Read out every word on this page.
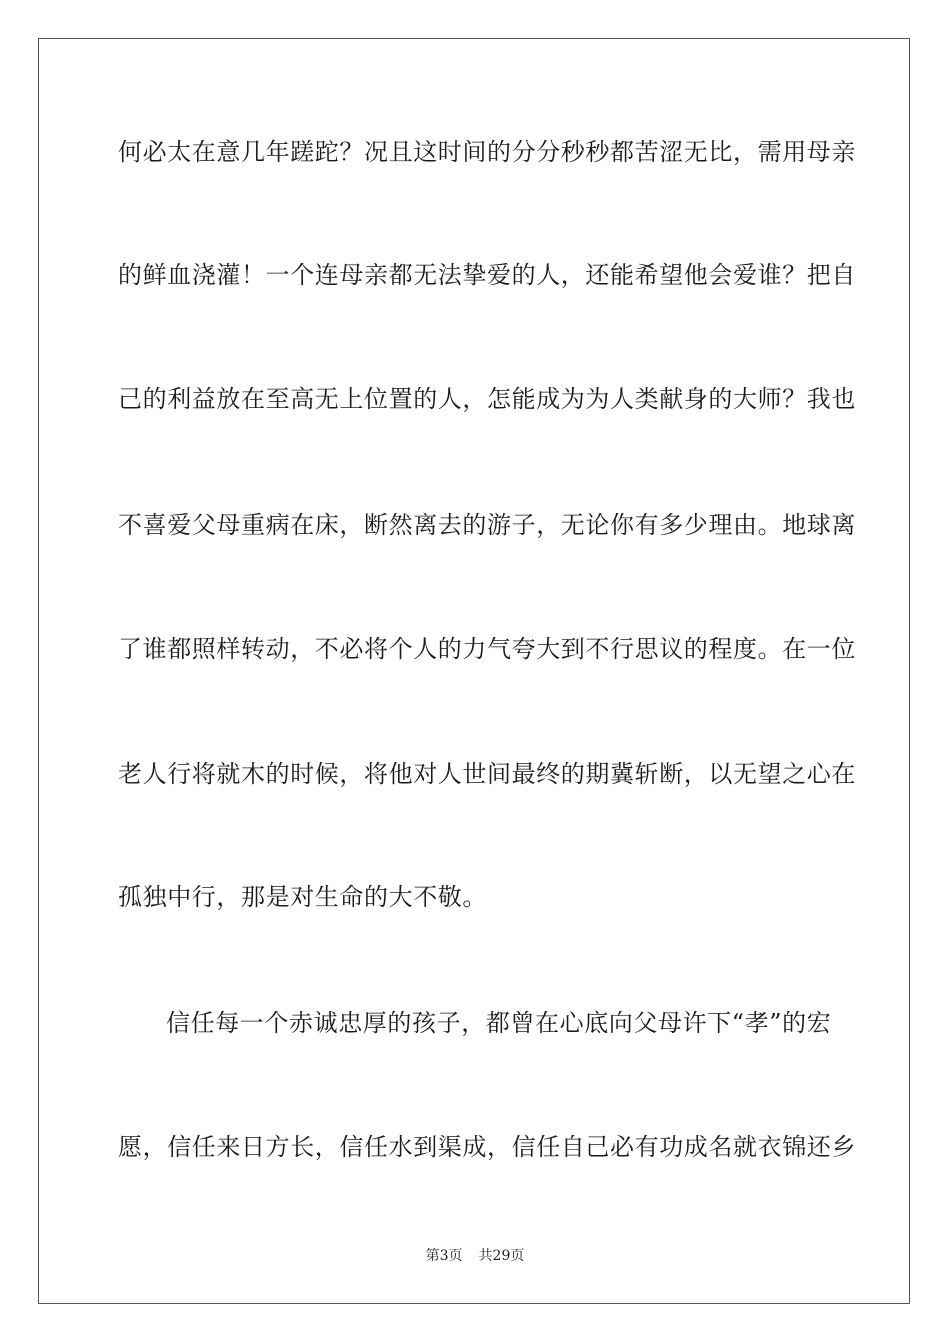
何必太在意几年蹉跎？况且这时间的分分秒秒都苦涩无比，需用母亲
的鲜血浇灌！一个连母亲都无法挚爱的人，还能希望他会爱谁？把自
己的利益放在至高无上位置的人，怎能成为为人类献身的大师？我也
不喜爱父母重病在床，断然离去的游子，无论你有多少理由。地球离
了谁都照样转动，不必将个人的力气夸大到不行思议的程度。在一位
老人行将就木的时候，将他对人世间最终的期冀斩断，以无望之心在
孤独中行，那是对生命的大不敬。
信任每一个赤诚忠厚的孩子，都曾在心底向父母许下“孝”的宏
愿，信任来日方长，信任水到渠成，信任自己必有功成名就衣锦还乡
第3页 共29页
